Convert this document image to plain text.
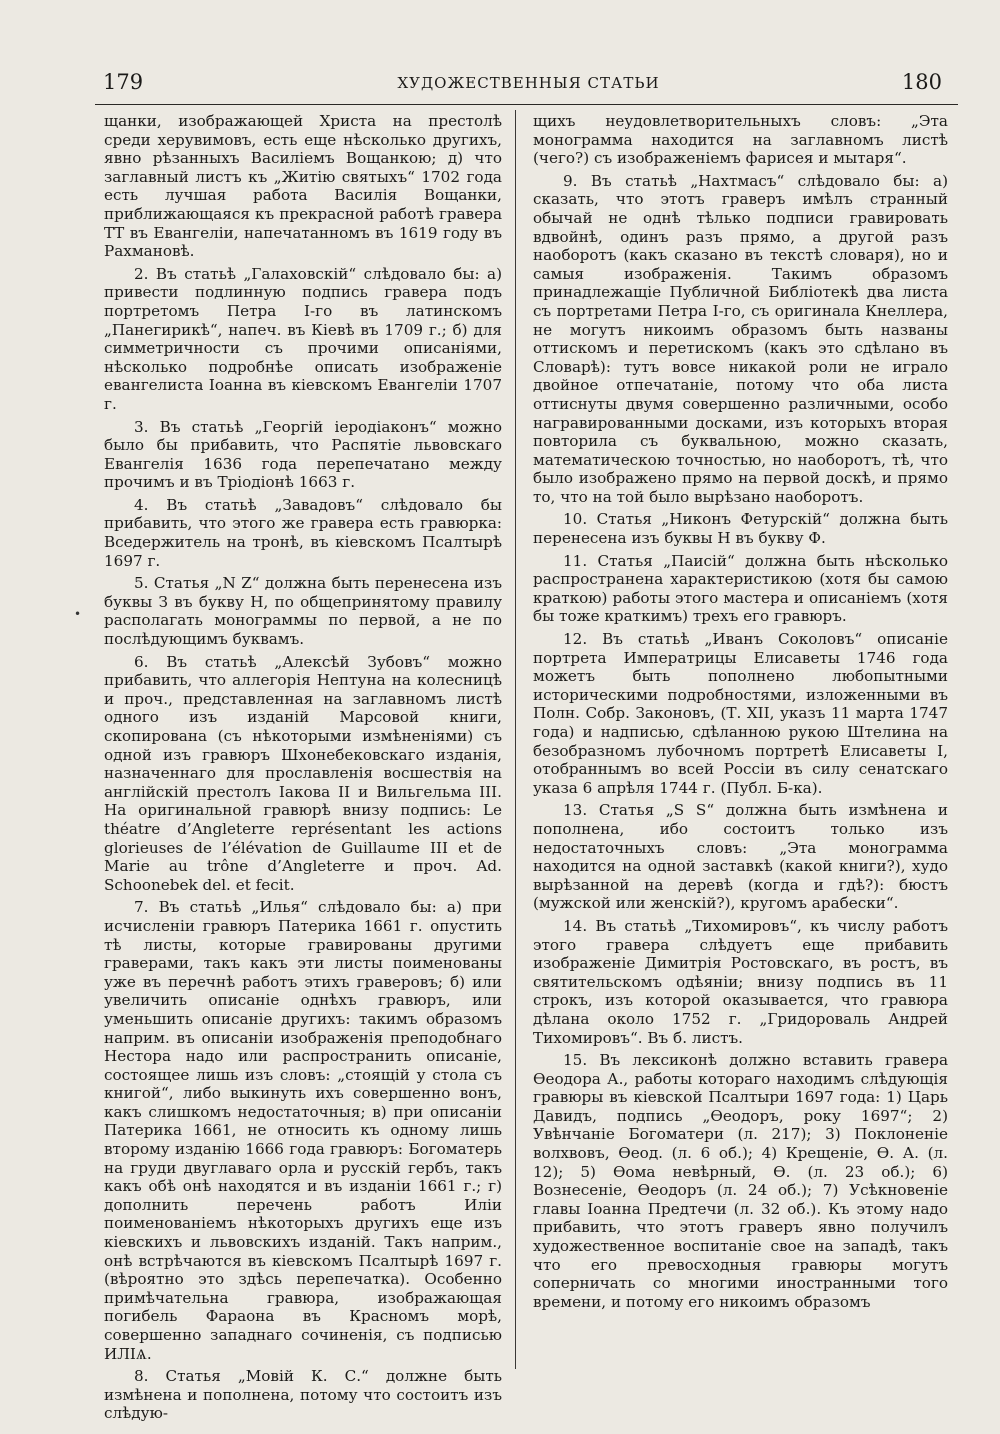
179	ХУДОЖЕСТВЕННЫЯ СТАТЬИ	180
•

щанки, изображающей Христа на престолѣ среди херувимовъ, есть еще нѣсколько другихъ, явно рѣзанныхъ Василіемъ Вощанкою; д) что заглавный листъ къ „Житію святыхъ“ 1702 года есть лучшая работа Василія Вощанки, приближающаяся къ прекрасной работѣ гравера ТТ въ Евангеліи, напечатанномъ въ 1619 году въ Рахмановѣ.

2. Въ статьѣ „Галаховскій“ слѣдовало бы: а) привести подлинную подпись гравера подъ портретомъ Петра I-го въ латинскомъ „Панегирикѣ“, напеч. въ Кіевѣ въ 1709 г.; б) для симметричности съ прочими описаніями, нѣсколько подробнѣе описать изображеніе евангелиста Іоанна въ кіевскомъ Евангеліи 1707 г.

3. Въ статьѣ „Георгій іеродіаконъ“ можно было бы прибавить, что Распятіе львовскаго Евангелія 1636 года перепечатано между прочимъ и въ Тріодіонѣ 1663 г.

4. Въ статьѣ „Завадовъ“ слѣдовало бы прибавить, что этого же гравера есть гравюрка: Вседержитель на тронѣ, въ кіевскомъ Псалтырѣ 1697 г.

5. Статья „N Z“ должна быть перенесена изъ буквы З въ букву Н, по общепринятому правилу располагать монограммы по первой, а не по послѣдующимъ буквамъ.

6. Въ статьѣ „Алексѣй Зубовъ“ можно прибавить, что аллегорія Нептуна на колесницѣ и проч., представленная на заглавномъ листѣ одного изъ изданій Марсовой книги, скопирована (съ нѣкоторыми измѣненіями) съ одной изъ гравюръ Шхонебековскаго изданія, назначеннаго для прославленія восшествія на англійскій престолъ Іакова II и Вильгельма III. На оригинальной гравюрѣ внизу подпись: Le théatre d’Angleterre représentant les actions glorieuses de l’élévation de Guillaume III et de Marie au trône d’Angleterre и проч. Ad. Schoonebek del. et fecit.

7. Въ статьѣ „Илья“ слѣдовало бы: а) при исчисленіи гравюръ Патерика 1661 г. опустить тѣ листы, которые гравированы другими граверами, такъ какъ эти листы поименованы уже въ перечнѣ работъ этихъ граверовъ; б) или увеличить описаніе однѣхъ гравюръ, или уменьшить описаніе другихъ: такимъ образомъ наприм. въ описаніи изображенія преподобнаго Нестора надо или распространить описаніе, состоящее лишь изъ словъ: „стоящій у стола съ книгой“, либо выкинуть ихъ совершенно вонъ, какъ слишкомъ недостаточныя; в) при описаніи Патерика 1661, не относить къ одному лишь второму изданію 1666 года гравюръ: Богоматерь на груди двуглаваго орла и русскій гербъ, такъ какъ обѣ онѣ находятся и въ изданіи 1661 г.; г) дополнить перечень работъ Иліи поименованіемъ нѣкоторыхъ другихъ еще изъ кіевскихъ и львовскихъ изданій. Такъ наприм., онѣ встрѣчаются въ кіевскомъ Псалтырѣ 1697 г. (вѣроятно это здѣсь перепечатка). Особенно примѣчательна гравюра, изображающая погибель Фараона въ Красномъ морѣ, совершенно западнаго сочиненія, съ подписью ИЛIѦ.

8. Статья „Мовій К. С.“ должне быть измѣнена и пополнена, потому что состоитъ изъ слѣдую-

щихъ неудовлетворительныхъ словъ: „Эта монограмма находится на заглавномъ листѣ (чего?) съ изображеніемъ фарисея и мытаря“.

9. Въ статьѣ „Нахтмасъ“ слѣдовало бы: а) сказать, что этотъ граверъ имѣлъ странный обычай не однѣ тѣлько подписи гравировать вдвойнѣ, одинъ разъ прямо, а другой разъ наоборотъ (какъ сказано въ текстѣ словаря), но и самыя изображенія. Такимъ образомъ принадлежащіе Публичной Библіотекѣ два листа съ портретами Петра I-го, съ оригинала Кнеллера, не могутъ никоимъ образомъ быть названы оттискомъ и перетискомъ (какъ это сдѣлано въ Словарѣ): тутъ вовсе никакой роли не играло двойное отпечатаніе, потому что оба листа оттиснуты двумя совершенно различными, особо награвированными досками, изъ которыхъ вторая повторила съ буквальною, можно сказать, математическою точностью, но наоборотъ, тѣ, что было изображено прямо на первой доскѣ, и прямо то, что на той было вырѣзано наоборотъ.

10. Статья „Никонъ Фетурскій“ должна быть перенесена изъ буквы Н въ букву Ф.

11. Статья „Паисій“ должна быть нѣсколько распространена характеристикою (хотя бы самою краткою) работы этого мастера и описаніемъ (хотя бы тоже краткимъ) трехъ его гравюръ.

12. Въ статьѣ „Иванъ Соколовъ“ описаніе портрета Императрицы Елисаветы 1746 года можетъ быть пополнено любопытными историческими подробностями, изложенными въ Полн. Собр. Законовъ, (Т. XII, указъ 11 марта 1747 года) и надписью, сдѣланною рукою Штелина на безобразномъ лубочномъ портретѣ Елисаветы I, отобраннымъ во всей Россіи въ силу сенатскаго указа 6 апрѣля 1744 г. (Публ. Б-ка).

13. Статья „S S“ должна быть измѣнена и пополнена, ибо состоитъ только изъ недостаточныхъ словъ: „Эта монограмма находится на одной заставкѣ (какой книги?), худо вырѣзанной на деревѣ (когда и гдѣ?): бюстъ (мужской или женскій?), кругомъ арабески“.

14. Въ статьѣ „Тихомировъ“, къ числу работъ этого гравера слѣдуетъ еще прибавить изображеніе Димитрія Ростовскаго, въ ростъ, въ святительскомъ одѣяніи; внизу подпись въ 11 строкъ, изъ которой оказывается, что гравюра дѣлана около 1752 г. „Гридороваль Андрей Тихомировъ“. Въ б. листъ.

15. Въ лексиконѣ должно вставить гравера Ѳеодора А., работы котораго находимъ слѣдующія гравюры въ кіевской Псалтыри 1697 года: 1) Царь Давидъ, подпись „Ѳеодоръ, року 1697“; 2) Увѣнчаніе Богоматери (л. 217); 3) Поклоненіе волхвовъ, Ѳеод. (л. 6 об.); 4) Крещеніе, Ѳ. А. (л. 12); 5) Ѳома невѣрный, Ѳ. (л. 23 об.); 6) Вознесеніе, Ѳеодоръ (л. 24 об.); 7) Усѣкновеніе главы Іоанна Предтечи (л. 32 об.). Къ этому надо прибавить, что этотъ граверъ явно получилъ художественное воспитаніе свое на западѣ, такъ что его превосходныя гравюры могутъ соперничать со многими иностранными того времени, и потому его никоимъ образомъ
